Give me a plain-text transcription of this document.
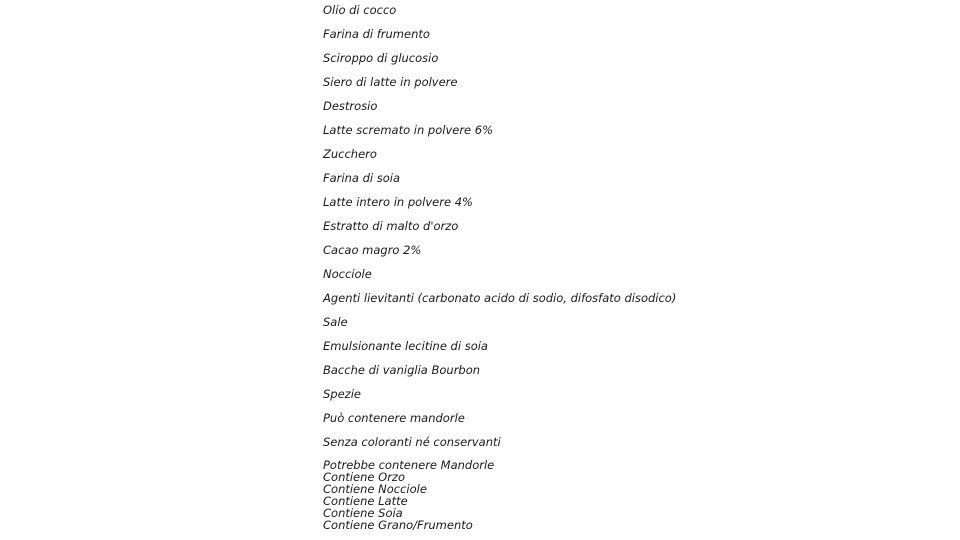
Olio di cocco
Farina di frumento
Sciroppo di glucosio
Siero di latte in polvere
Destrosio
Latte scremato in polvere 6%
Zucchero
Farina di soia
Latte intero in polvere 4%
Estratto di malto d'orzo
Cacao magro 2%
Nocciole
Agenti lievitanti (carbonato acido di sodio, difosfato disodico)
Sale
Emulsionante lecitine di soia
Bacche di vaniglia Bourbon
Spezie
Può contenere mandorle
Senza coloranti né conservanti
Potrebbe contenere Mandorle
Contiene Orzo
Contiene Nocciole
Contiene Latte
Contiene Soia
Contiene Grano/Frumento
